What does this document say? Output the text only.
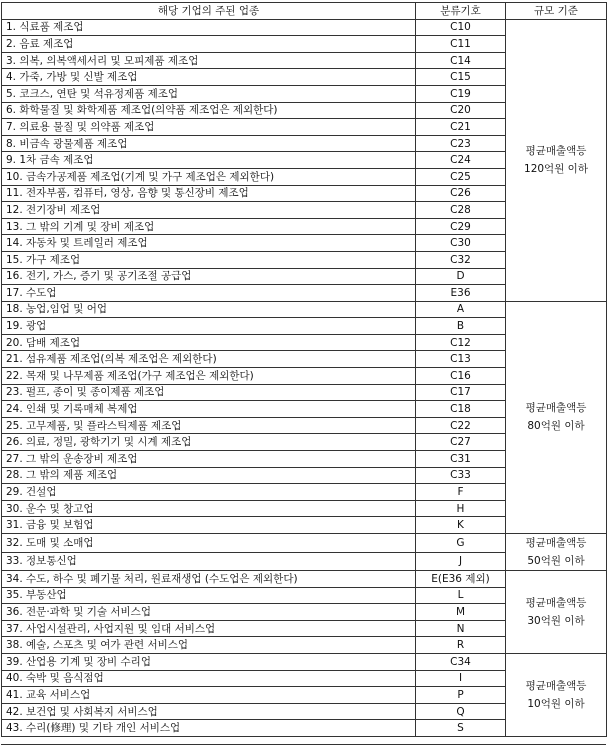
해당 기업의 주된 업종	분류기호	규모 기준
1. 식료품 제조업	C10	평균매출액등
120억원 이하

2. 음료 제조업	C11	
3. 의복, 의복액세서리 및 모피제품 제조업	C14	
4. 가죽, 가방 및 신발 제조업	C15	
5. 코크스, 연탄 및 석유정제품 제조업	C19	
6. 화학물질 및 화학제품 제조업(의약품 제조업은 제외한다)	C20	
7. 의료용 물질 및 의약품 제조업	C21	
8. 비금속 광물제품 제조업	C23	
9. 1차 금속 제조업	C24	
10. 금속가공제품 제조업(기계 및 가구 제조업은 제외한다)	C25	
11. 전자부품, 컴퓨터, 영상, 음향 및 통신장비 제조업	C26	
12. 전기장비 제조업	C28	
13. 그 밖의 기계 및 장비 제조업	C29	
14. 자동차 및 트레일러 제조업	C30	
15. 가구 제조업	C32	
16. 전기, 가스, 증기 및 공기조절 공급업	D	
17. 수도업	E36	
18. 농업,임업 및 어업	A	평균매출액등
80억원 이하

19. 광업	B	
20. 담배 제조업	C12	
21. 섬유제품 제조업(의복 제조업은 제외한다)	C13	
22. 목재 및 나무제품 제조업(가구 제조업은 제외한다)	C16	
23. 펄프, 종이 및 종이제품 제조업	C17	
24. 인쇄 및 기록매체 복제업	C18	
25. 고무제품, 및 플라스틱제품 제조업	C22	
26. 의료, 정밀, 광학기기 및 시계 제조업	C27	
27. 그 밖의 운송장비 제조업	C31	
28. 그 밖의 제품 제조업	C33	
29. 건설업	F	
30. 운수 및 창고업	H	
31. 금융 및 보험업	K	
32. 도매 및 소매업	G	평균매출액등
50억원 이하

33. 정보통신업	J	
34. 수도, 하수 및 폐기물 처리, 원료재생업 (수도업은 제외한다)	E(E36 제외)	평균매출액등
30억원 이하

35. 부동산업	L	
36. 전문·과학 및 기술 서비스업	M	
37. 사업시설관리, 사업지원 및 임대 서비스업	N	
38. 예술, 스포츠 및 여가 관련 서비스업	R	
39. 산업용 기계 및 장비 수리업	C34	평균매출액등
10억원 이하

40. 숙박 및 음식점업	I	
41. 교육 서비스업	P	
42. 보건업 및 사회복지 서비스업	Q	
43. 수리(修理) 및 기타 개인 서비스업	S	
